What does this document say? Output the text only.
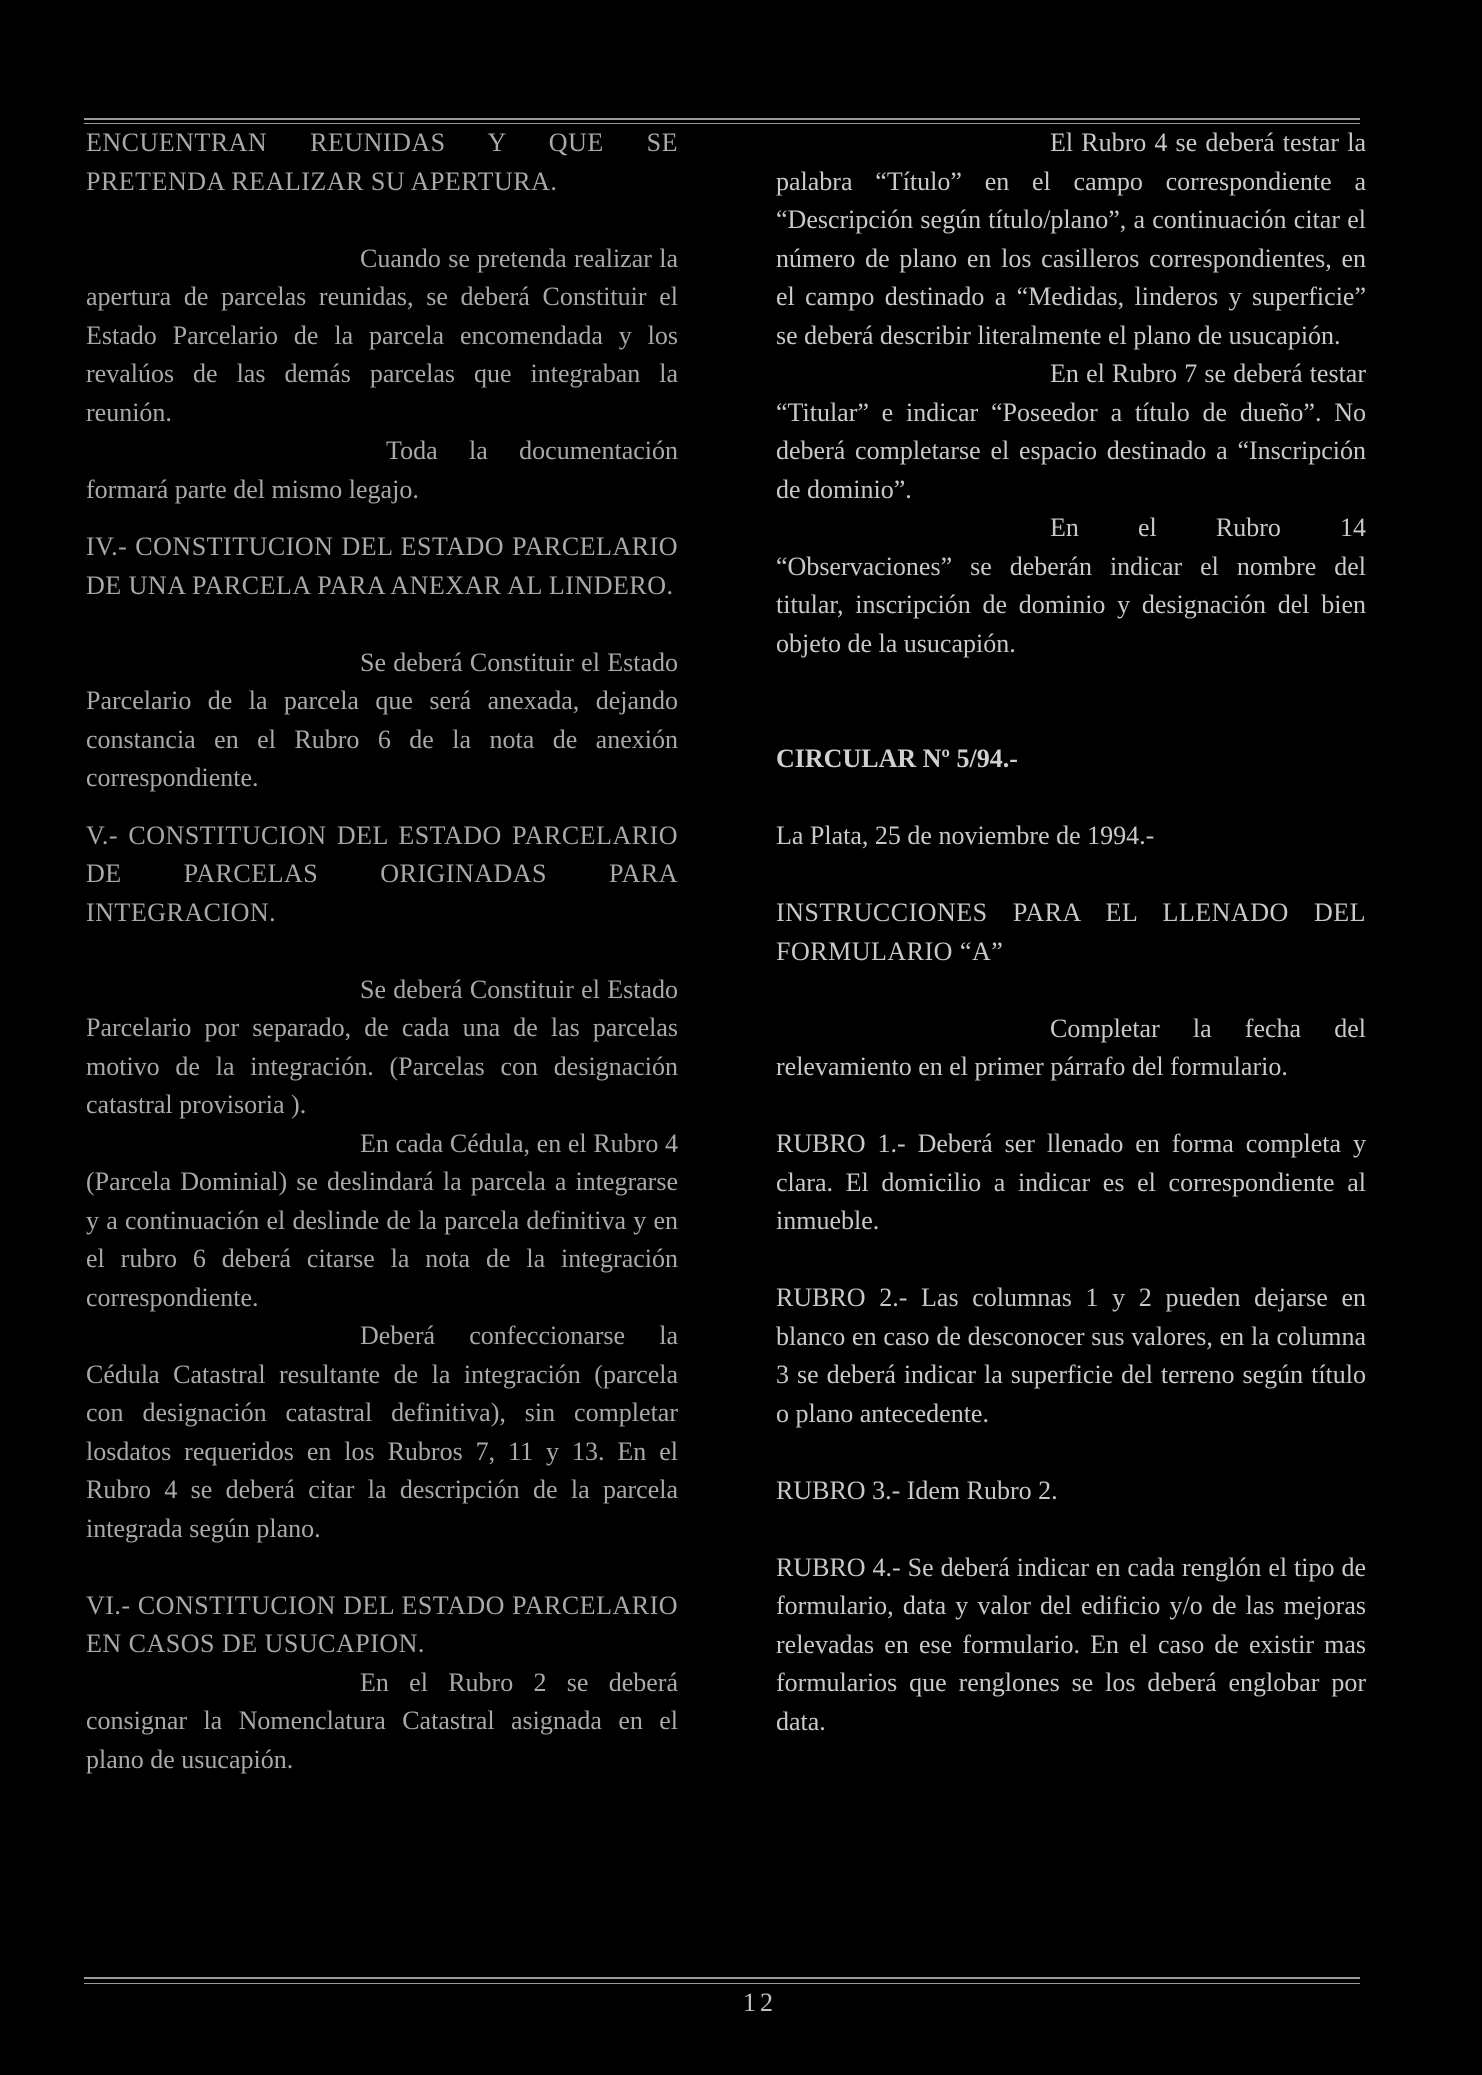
ENCUENTRAN REUNIDAS Y QUE SE PRETENDA REALIZAR SU APERTURA.

Cuando se pretenda realizar la apertura de parcelas reunidas, se deberá Constituir el Estado Parcelario de la parcela encomendada y los revalúos de las demás parcelas que integraban la reunión.

Toda la documentación formará parte del mismo legajo.

IV.- CONSTITUCION DEL ESTADO PARCELARIO DE UNA PARCELA PARA ANEXAR AL LINDERO.

Se deberá Constituir el Estado Parcelario de la parcela que será anexada, dejando constancia en el Rubro 6 de la nota de anexión correspondiente.

V.- CONSTITUCION DEL ESTADO PARCELARIO DE PARCELAS ORIGINADAS PARA INTEGRACION.

Se deberá Constituir el Estado Parcelario por separado, de cada una de las parcelas motivo de la integración. (Parcelas con designación catastral provisoria ).

En cada Cédula, en el Rubro 4 (Parcela Dominial) se deslindará la parcela a integrarse y a continuación el deslinde de la parcela definitiva y en el rubro 6 deberá citarse la nota de la integración correspondiente.

Deberá confeccionarse la Cédula Catastral resultante de la integración (parcela con designación catastral definitiva), sin completar losdatos requeridos en los Rubros 7, 11 y 13. En el Rubro 4 se deberá citar la descripción de la parcela integrada según plano.

VI.- CONSTITUCION DEL ESTADO PARCELARIO EN CASOS DE USUCAPION.

En el Rubro 2 se deberá consignar la Nomenclatura Catastral asignada en el plano de usucapión.

El Rubro 4 se deberá testar la palabra “Título” en el campo correspondiente a “Descripción según título/plano”, a continuación citar el número de plano en los casilleros correspondientes, en el campo destinado a “Medidas, linderos y superficie” se deberá describir literalmente el plano de usucapión.

En el Rubro 7 se deberá testar “Titular” e indicar “Poseedor a título de dueño”. No deberá completarse el espacio destinado a “Inscripción de dominio”.

En el Rubro 14 “Observaciones” se deberán indicar el nombre del titular, inscripción de dominio y designación del bien objeto de la usucapión.

CIRCULAR Nº 5/94.-

La Plata, 25 de noviembre de 1994.-

INSTRUCCIONES PARA EL LLENADO DEL FORMULARIO “A”

Completar la fecha del relevamiento en el primer párrafo del formulario.

RUBRO 1.- Deberá ser llenado en forma completa y clara. El domicilio a indicar es el correspondiente al inmueble.

RUBRO 2.- Las columnas 1 y 2 pueden dejarse en blanco en caso de desconocer sus valores, en la columna 3 se deberá indicar la superficie del terreno según título o plano antecedente.

RUBRO 3.- Idem Rubro 2.

RUBRO 4.- Se deberá indicar en cada renglón el tipo de formulario, data y valor del edificio y/o de las mejoras relevadas en ese formulario. En el caso de existir mas formularios que renglones se los deberá englobar por data.

12
